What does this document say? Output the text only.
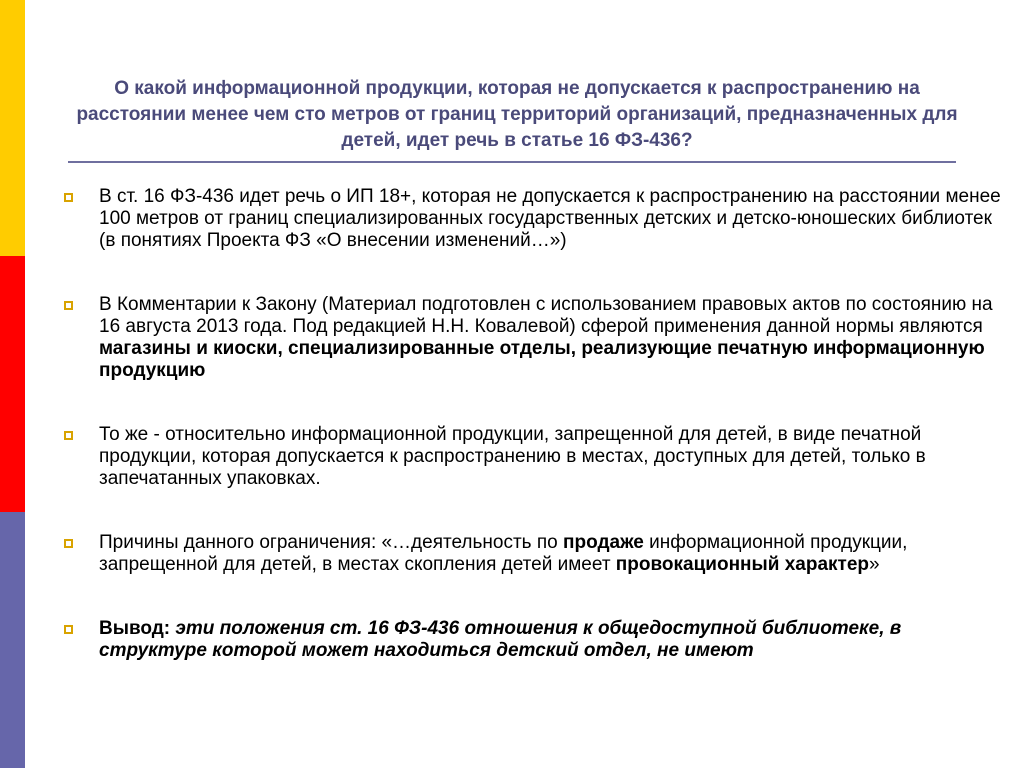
О какой информационной продукции, которая не допускается к распространению на расстоянии менее чем сто метров от границ территорий организаций, предназначенных для детей, идет речь в статье 16 ФЗ-436?
В ст. 16 ФЗ-436 идет речь о ИП 18+, которая не допускается к распространению на расстоянии менее 100 метров от границ специализированных государственных детских и детско-юношеских библиотек (в понятиях Проекта ФЗ «О внесении изменений…»)
В Комментарии к Закону (Материал подготовлен с использованием правовых актов по состоянию на 16 августа 2013 года. Под редакцией Н.Н. Ковалевой) сферой применения данной нормы являются магазины и киоски, специализированные отделы, реализующие печатную информационную продукцию
То же - относительно информационной продукции, запрещенной для детей, в виде печатной продукции, которая допускается к распространению в местах, доступных для детей, только в запечатанных упаковках.
Причины данного ограничения: «…деятельность по продаже информационной продукции, запрещенной для детей, в местах скопления детей имеет провокационный характер»
Вывод: эти положения ст. 16 ФЗ-436 отношения к общедоступной библиотеке, в структуре которой может находиться детский отдел, не имеют
